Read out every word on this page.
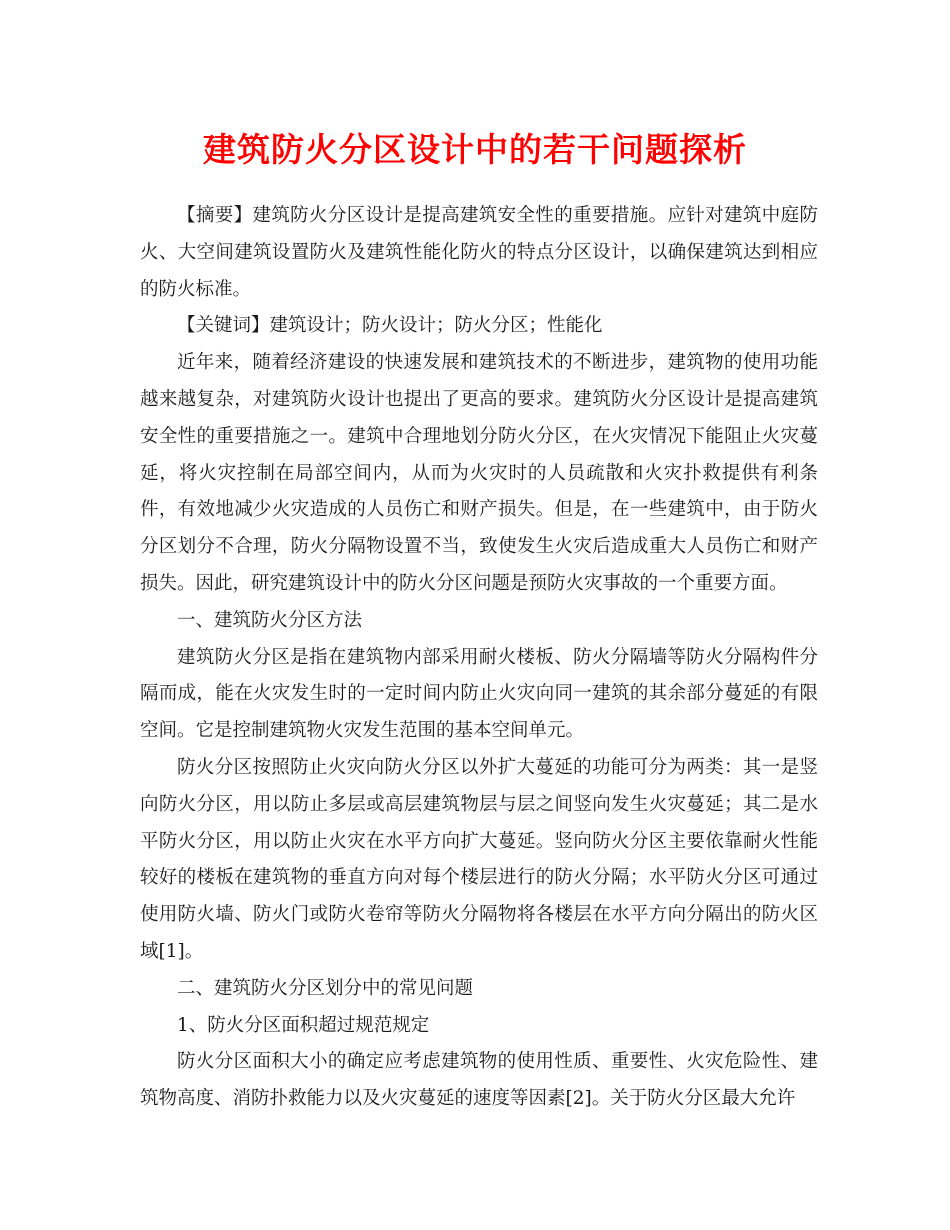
建筑防火分区设计中的若干问题探析

【摘要】建筑防火分区设计是提高建筑安全性的重要措施。应针对建筑中庭防火、大空间建筑设置防火及建筑性能化防火的特点分区设计，以确保建筑达到相应的防火标准。

【关键词】建筑设计；防火设计；防火分区；性能化

近年来，随着经济建设的快速发展和建筑技术的不断进步，建筑物的使用功能越来越复杂，对建筑防火设计也提出了更高的要求。建筑防火分区设计是提高建筑安全性的重要措施之一。建筑中合理地划分防火分区，在火灾情况下能阻止火灾蔓延，将火灾控制在局部空间内，从而为火灾时的人员疏散和火灾扑救提供有利条件，有效地减少火灾造成的人员伤亡和财产损失。但是，在一些建筑中，由于防火分区划分不合理，防火分隔物设置不当，致使发生火灾后造成重大人员伤亡和财产损失。因此，研究建筑设计中的防火分区问题是预防火灾事故的一个重要方面。

一、建筑防火分区方法

建筑防火分区是指在建筑物内部采用耐火楼板、防火分隔墙等防火分隔构件分隔而成，能在火灾发生时的一定时间内防止火灾向同一建筑的其余部分蔓延的有限空间。它是控制建筑物火灾发生范围的基本空间单元。

防火分区按照防止火灾向防火分区以外扩大蔓延的功能可分为两类：其一是竖向防火分区，用以防止多层或高层建筑物层与层之间竖向发生火灾蔓延；其二是水平防火分区，用以防止火灾在水平方向扩大蔓延。竖向防火分区主要依靠耐火性能较好的楼板在建筑物的垂直方向对每个楼层进行的防火分隔；水平防火分区可通过使用防火墙、防火门或防火卷帘等防火分隔物将各楼层在水平方向分隔出的防火区域[1]。

二、建筑防火分区划分中的常见问题

1、防火分区面积超过规范规定

防火分区面积大小的确定应考虑建筑物的使用性质、重要性、火灾危险性、建筑物高度、消防扑救能力以及火灾蔓延的速度等因素[2]。关于防火分区最大允许
